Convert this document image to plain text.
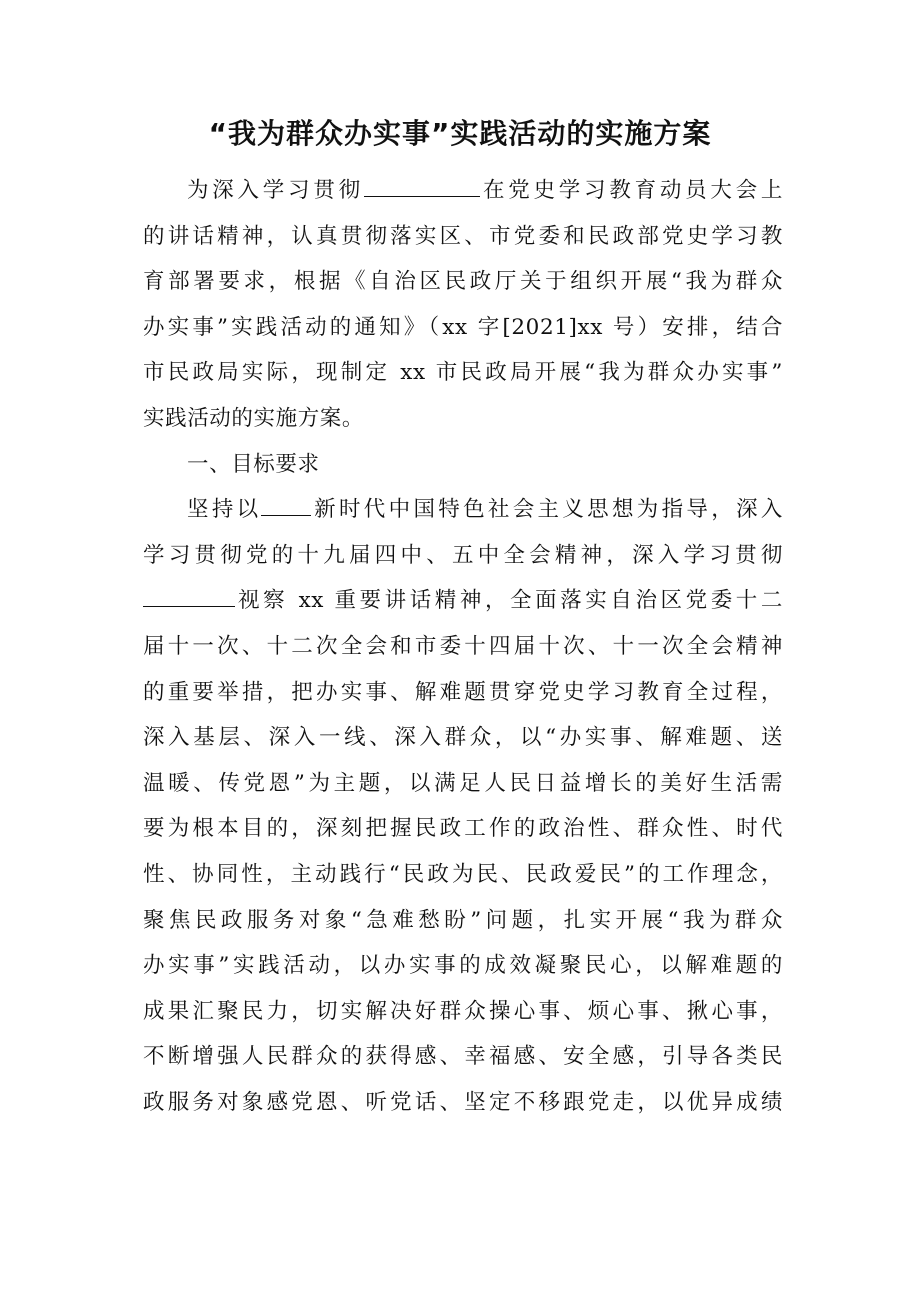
“我为群众办实事”实践活动的实施方案
为深入学习贯彻	在党史学习教育动员大会上
的讲话精神，认真贯彻落实区、市党委和民政部党史学习教
育部署要求，根据《自治区民政厅关于组织开展“我为群众
办实事”实践活动的通知》（xx 字[2021]xx 号）安排，结合
市民政局实际，现制定 xx 市民政局开展“我为群众办实事”
实践活动的实施方案。
一、目标要求
坚持以 新时代中国特色社会主义思想为指导，深入
学习贯彻党的十九届四中、五中全会精神，深入学习贯彻
视察 xx 重要讲话精神，全面落实自治区党委十二
届十一次、十二次全会和市委十四届十次、十一次全会精神
的重要举措，把办实事、解难题贯穿党史学习教育全过程，
深入基层、深入一线、深入群众，以“办实事、解难题、送
温暖、传党恩”为主题，以满足人民日益增长的美好生活需
要为根本目的，深刻把握民政工作的政治性、群众性、时代
性、协同性，主动践行“民政为民、民政爱民”的工作理念，
聚焦民政服务对象“急难愁盼”问题，扎实开展“我为群众
办实事”实践活动，以办实事的成效凝聚民心，以解难题的
成果汇聚民力，切实解决好群众操心事、烦心事、揪心事，
不断增强人民群众的获得感、幸福感、安全感，引导各类民
政服务对象感党恩、听党话、坚定不移跟党走，以优异成绩
